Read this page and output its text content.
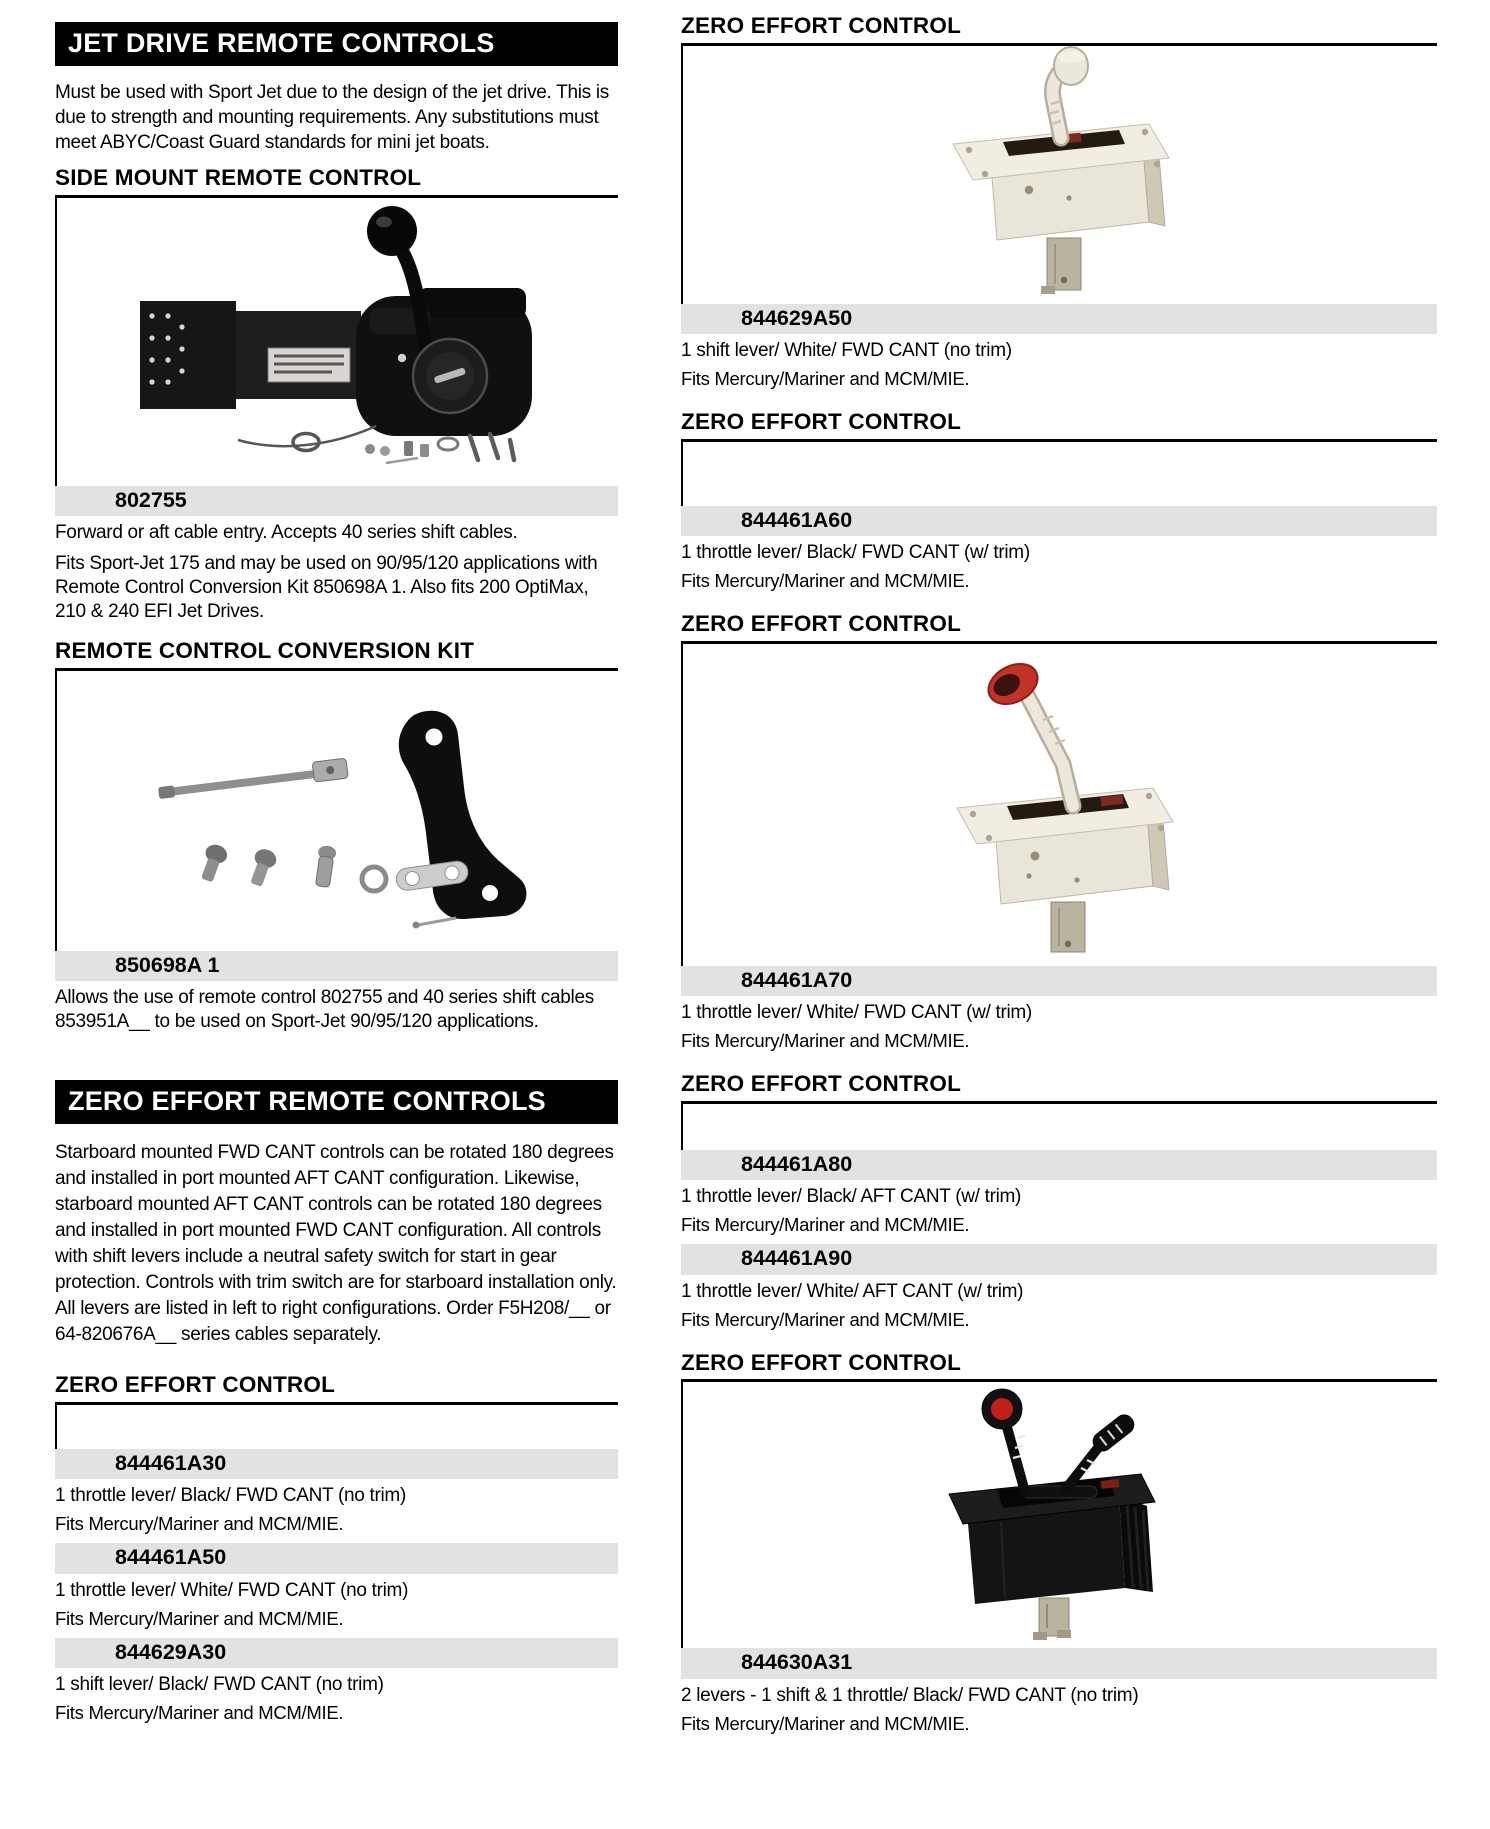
JET DRIVE REMOTE CONTROLS

Must be used with Sport Jet due to the design of the jet drive. This is due to strength and mounting requirements. Any substitutions must meet ABYC/Coast Guard standards for mini jet boats.

SIDE MOUNT REMOTE CONTROL
802755
Forward or aft cable entry. Accepts 40 series shift cables.
Fits Sport-Jet 175 and may be used on 90/95/120 applications with Remote Control Conversion Kit 850698A 1. Also fits 200 OptiMax, 210 & 240 EFI Jet Drives.
REMOTE CONTROL CONVERSION KIT
850698A 1
Allows the use of remote control 802755 and 40 series shift cables 853951A__ to be used on Sport-Jet 90/95/120 applications.
ZERO EFFORT REMOTE CONTROLS

Starboard mounted FWD CANT controls can be rotated 180 degrees and installed in port mounted AFT CANT configuration. Likewise, starboard mounted AFT CANT controls can be rotated 180 degrees and installed in port mounted FWD CANT configuration. All controls with shift levers include a neutral safety switch for start in gear protection. Controls with trim switch are for starboard installation only. All levers are listed in left to right configurations. Order F5H208/__ or 64-820676A__ series cables separately.

ZERO EFFORT CONTROL
844461A30
1 throttle lever/ Black/ FWD CANT (no trim)
Fits Mercury/Mariner and MCM/MIE.
844461A50
1 throttle lever/ White/ FWD CANT (no trim)
Fits Mercury/Mariner and MCM/MIE.
844629A30
1 shift lever/ Black/ FWD CANT (no trim)
Fits Mercury/Mariner and MCM/MIE.
ZERO EFFORT CONTROL
844629A50
1 shift lever/ White/ FWD CANT (no trim)
Fits Mercury/Mariner and MCM/MIE.
ZERO EFFORT CONTROL
844461A60
1 throttle lever/ Black/ FWD CANT (w/ trim)
Fits Mercury/Mariner and MCM/MIE.
ZERO EFFORT CONTROL
844461A70
1 throttle lever/ White/ FWD CANT (w/ trim)
Fits Mercury/Mariner and MCM/MIE.
ZERO EFFORT CONTROL
844461A80
1 throttle lever/ Black/ AFT CANT (w/ trim)
Fits Mercury/Mariner and MCM/MIE.
844461A90
1 throttle lever/ White/ AFT CANT (w/ trim)
Fits Mercury/Mariner and MCM/MIE.
ZERO EFFORT CONTROL
844630A31
2 levers - 1 shift & 1 throttle/ Black/ FWD CANT (no trim)
Fits Mercury/Mariner and MCM/MIE.
